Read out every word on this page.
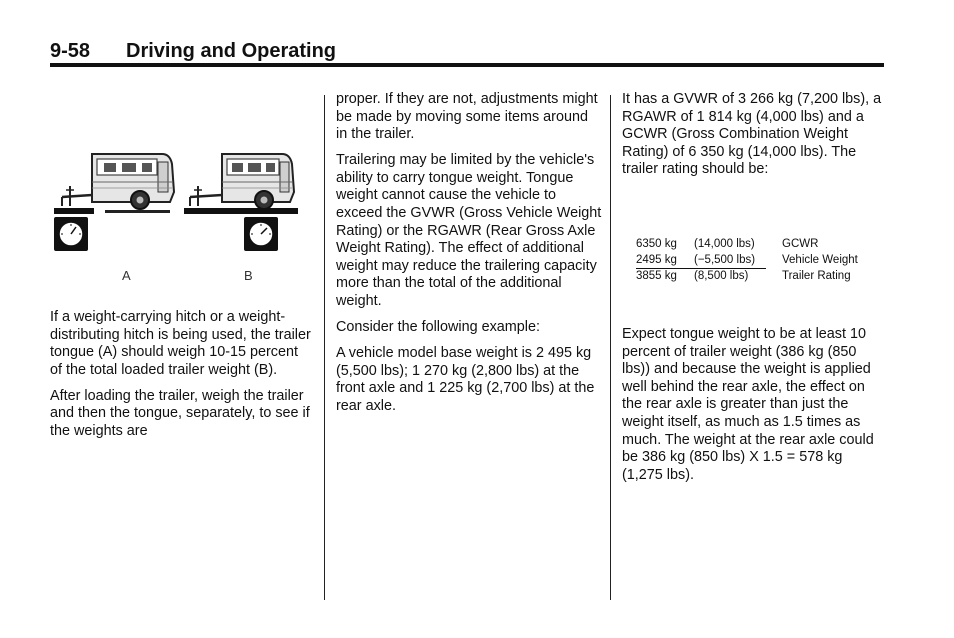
9-58 Driving and Operating
A	B

If a weight-carrying hitch or a weight-distributing hitch is being used, the trailer tongue (A) should weigh 10-15 percent of the total loaded trailer weight (B).

After loading the trailer, weigh the trailer and then the tongue, separately, to see if the weights are

proper. If they are not, adjustments might be made by moving some items around in the trailer.

Trailering may be limited by the vehicle's ability to carry tongue weight. Tongue weight cannot cause the vehicle to exceed the GVWR (Gross Vehicle Weight Rating) or the RGAWR (Rear Gross Axle Weight Rating). The effect of additional weight may reduce the trailering capacity more than the total of the additional weight.

Consider the following example:

A vehicle model base weight is 2 495 kg (5,500 lbs); 1 270 kg (2,800 lbs) at the front axle and 1 225 kg (2,700 lbs) at the rear axle.

It has a GVWR of 3 266 kg (7,200 lbs), a RGAWR of 1 814 kg (4,000 lbs) and a GCWR (Gross Combination Weight Rating) of 6 350 kg (14,000 lbs). The trailer rating should be:

6350 kg (14,000 lbs) GCWR
2495 kg (−5,500 lbs) Vehicle Weight
3855 kg (8,500 lbs)	Trailer Rating

Expect tongue weight to be at least 10 percent of trailer weight (386 kg (850 lbs)) and because the weight is applied well behind the rear axle, the effect on the rear axle is greater than just the weight itself, as much as 1.5 times as much. The weight at the rear axle could be 386 kg (850 lbs) X 1.5 = 578 kg (1,275 lbs).
